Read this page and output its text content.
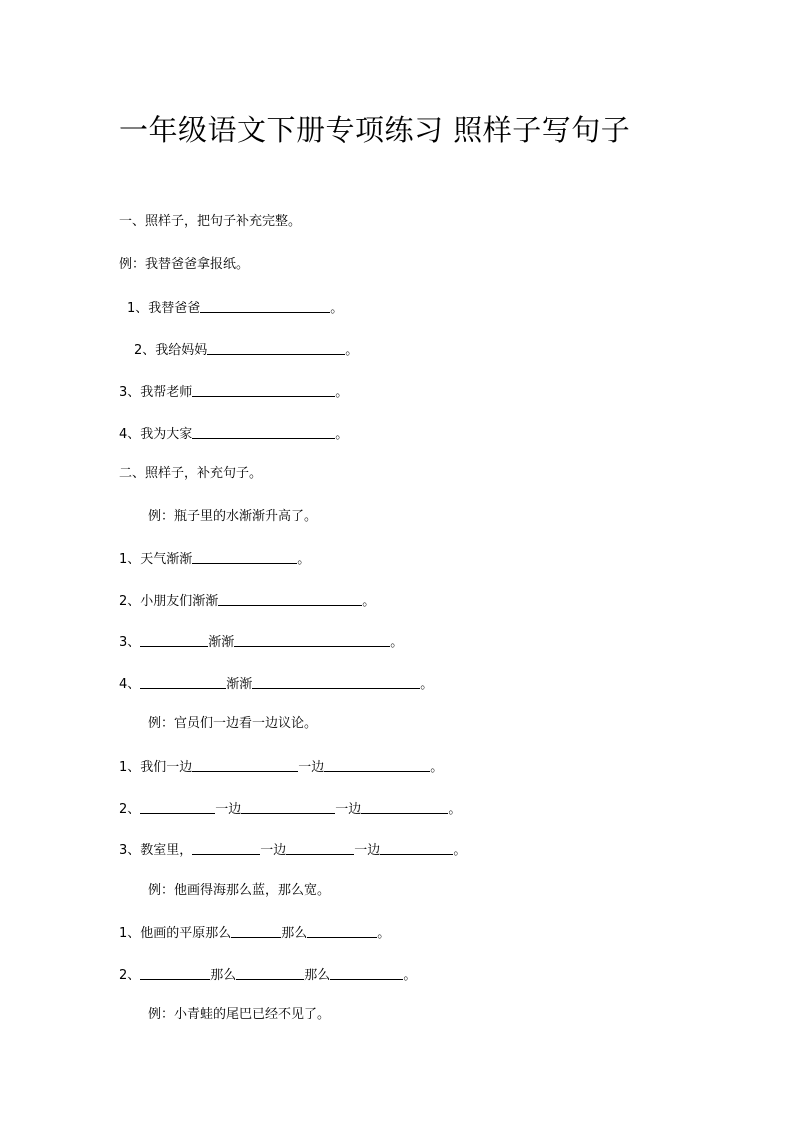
一年级语文下册专项练习 照样子写句子
一、照样子，把句子补充完整。
例：我替爸爸拿报纸。
1、我替爸爸	。
2、我给妈妈	。
3、我帮老师	。
4、我为大家	。
二、照样子，补充句子。
例：瓶子里的水渐渐升高了。
1、天气渐渐	。
2、小朋友们渐渐	。
3、	渐渐	。
4、	渐渐	。
例：官员们一边看一边议论。
1、我们一边	一边	。
2、	一边	一边	。
3、教室里，	一边	一边	。
例：他画得海那么蓝，那么宽。
1、他画的平原那么	那么	。
2、	那么	那么	。
例：小青蛙的尾巴已经不见了。
